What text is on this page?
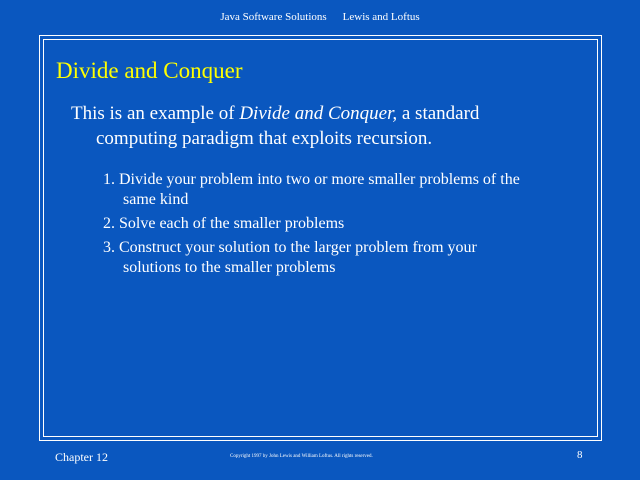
Java Software Solutions Lewis and Loftus
Divide and Conquer
This is an example of Divide and Conquer, a standard
computing paradigm that exploits recursion.
1. Divide your problem into two or more smaller problems of the
same kind
2. Solve each of the smaller problems
3. Construct your solution to the larger problem from your
solutions to the smaller problems
Chapter 12	Copyright 1997 by John Lewis and William Loftus. All rights reserved.	8
